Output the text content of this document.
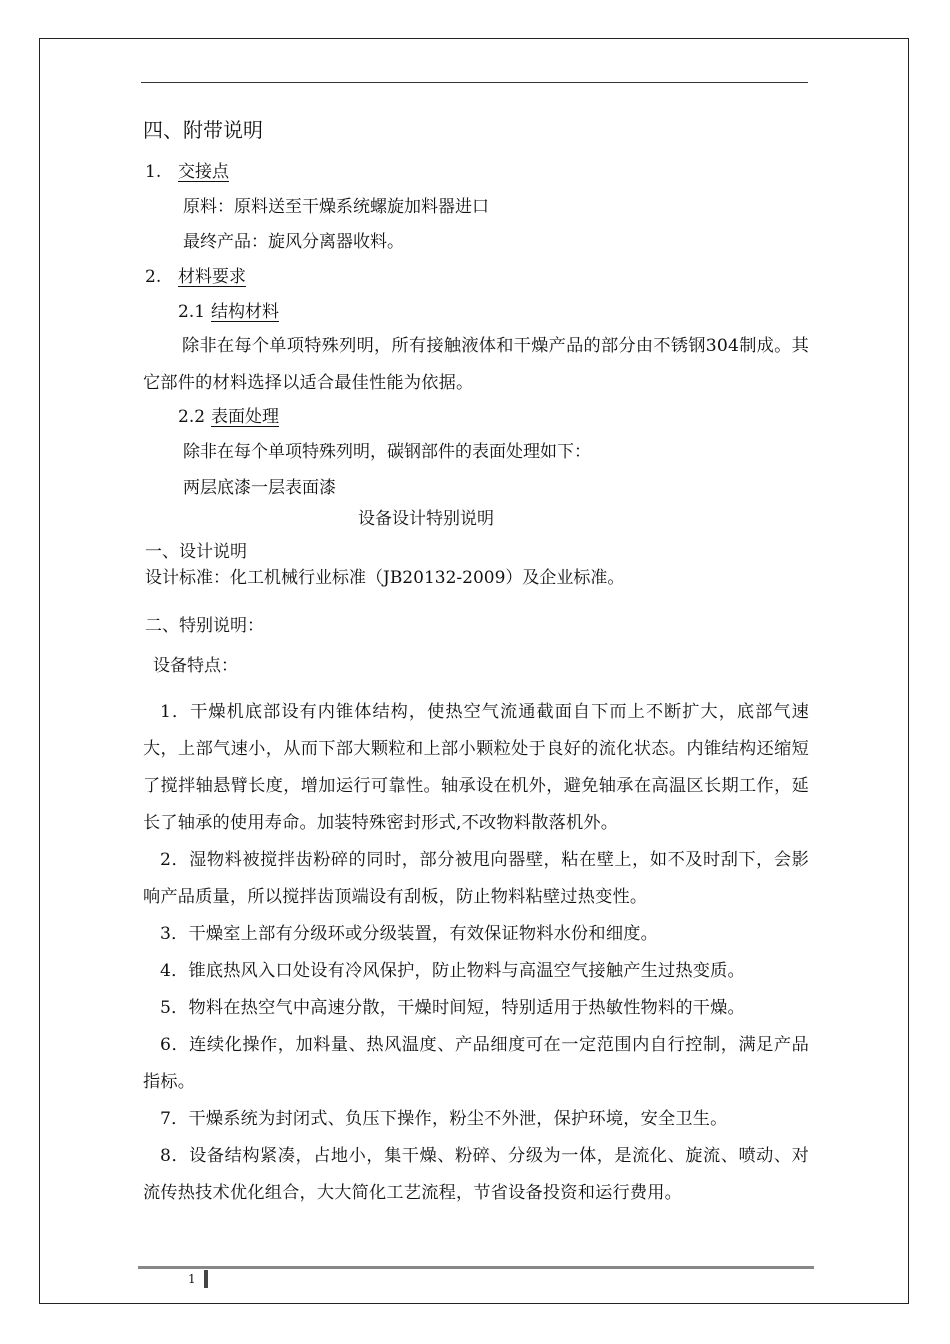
四、附带说明
1. 交接点
原料：原料送至干燥系统螺旋加料器进口
最终产品：旋风分离器收料。
2. 材料要求
2.1 结构材料
除非在每个单项特殊列明，所有接触液体和干燥产品的部分由不锈钢304制成。其它部件的材料选择以适合最佳性能为依据。
2.2 表面处理
除非在每个单项特殊列明，碳钢部件的表面处理如下：
两层底漆一层表面漆
设备设计特别说明
一、设计说明
设计标准：化工机械行业标准（JB20132-2009）及企业标准。
二、特别说明：
设备特点：
1．干燥机底部设有内锥体结构，使热空气流通截面自下而上不断扩大，底部气速大，上部气速小，从而下部大颗粒和上部小颗粒处于良好的流化状态。内锥结构还缩短了搅拌轴悬臂长度，增加运行可靠性。轴承设在机外，避免轴承在高温区长期工作，延长了轴承的使用寿命。加装特殊密封形式,不改物料散落机外。
2．湿物料被搅拌齿粉碎的同时，部分被甩向器壁，粘在壁上，如不及时刮下，会影响产品质量，所以搅拌齿顶端设有刮板，防止物料粘壁过热变性。
3．干燥室上部有分级环或分级装置，有效保证物料水份和细度。
4．锥底热风入口处设有冷风保护，防止物料与高温空气接触产生过热变质。
5．物料在热空气中高速分散，干燥时间短，特别适用于热敏性物料的干燥。
6．连续化操作，加料量、热风温度、产品细度可在一定范围内自行控制，满足产品指标。
7．干燥系统为封闭式、负压下操作，粉尘不外泄，保护环境，安全卫生。
8．设备结构紧凑，占地小，集干燥、粉碎、分级为一体，是流化、旋流、喷动、对流传热技术优化组合，大大简化工艺流程，节省设备投资和运行费用。
1
